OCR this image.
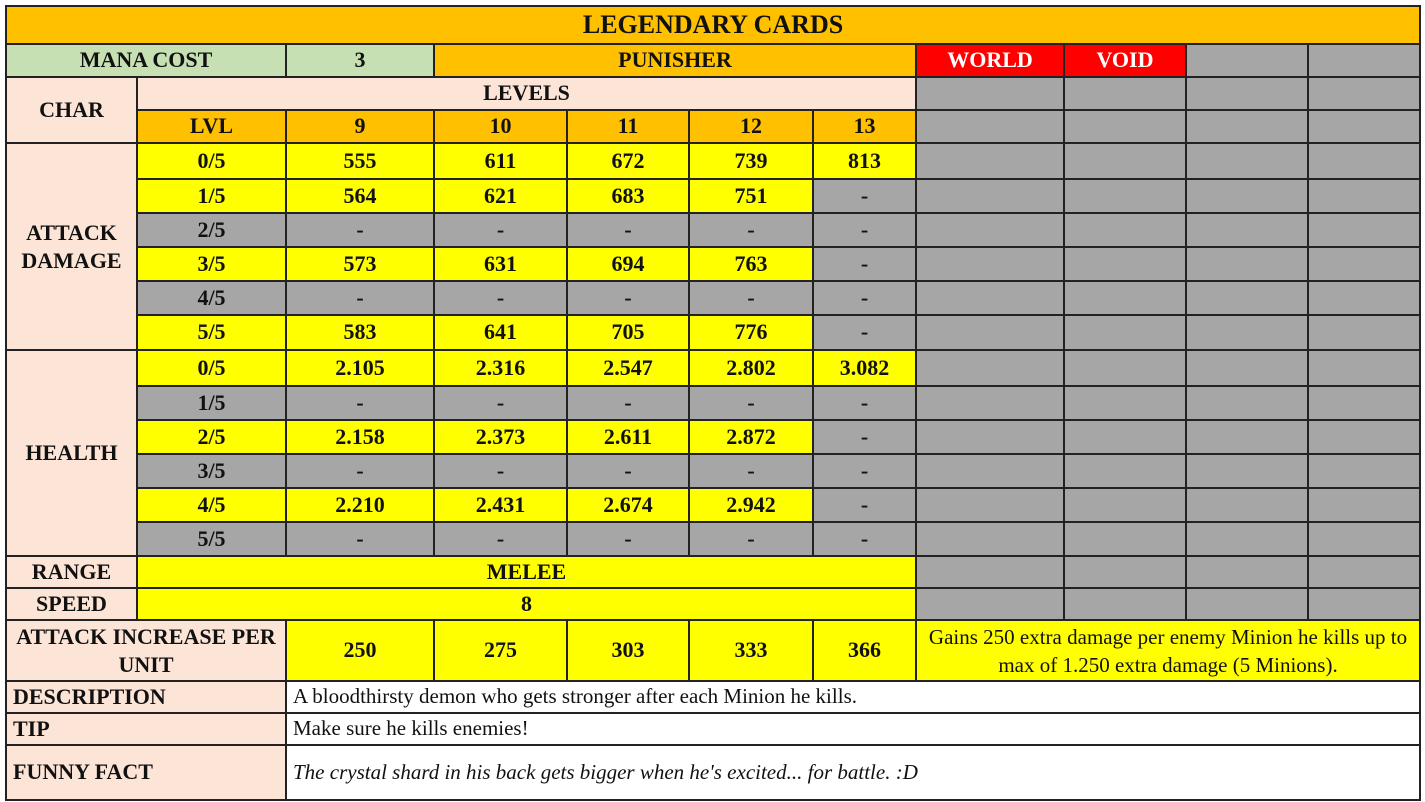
LEGENDARY CARDS										
MANA COST		3	PUNISHER				WORLD	VOID		
CHAR	LEVELS									
	LVL	9	10	11	12	13				
ATTACK DAMAGE	0/5	555	611	672	739	813				
	1/5	564	621	683	751	-				
	2/5	-	-	-	-	-				
	3/5	573	631	694	763	-				
	4/5	-	-	-	-	-				
	5/5	583	641	705	776	-				
HEALTH	0/5	2.105	2.316	2.547	2.802	3.082				
	1/5	-	-	-	-	-				
	2/5	2.158	2.373	2.611	2.872	-				
	3/5	-	-	-	-	-				
	4/5	2.210	2.431	2.674	2.942	-				
	5/5	-	-	-	-	-				
RANGE	MELEE									
SPEED	8									
ATTACK INCREASE PER UNIT		250	275	303	333	366	Gains 250 extra damage per enemy Minion he kills up to max of 1.250 extra damage (5 Minions).			
DESCRIPTION		A bloodthirsty demon who gets stronger after each Minion he kills.								
TIP		Make sure he kills enemies!								
FUNNY FACT		The crystal shard in his back gets bigger when he's excited... for battle. :D								
